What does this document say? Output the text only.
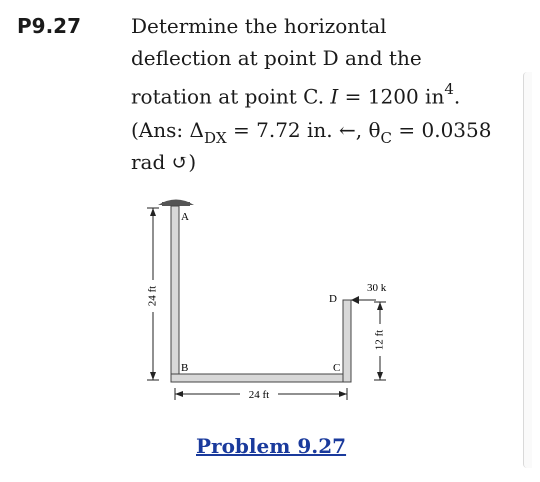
P9.27 Determine the horizontal
deflection at point D and the
rotation at point C. I = 1200 $in^4$.
(Ans: $\Delta_{DX} = 7.72$ in. ←, $\theta_C = 0.0358$
rad ↺)
24 ft
A
B	C
D
30 k
24 ft
12 ft
Problem 9.27
